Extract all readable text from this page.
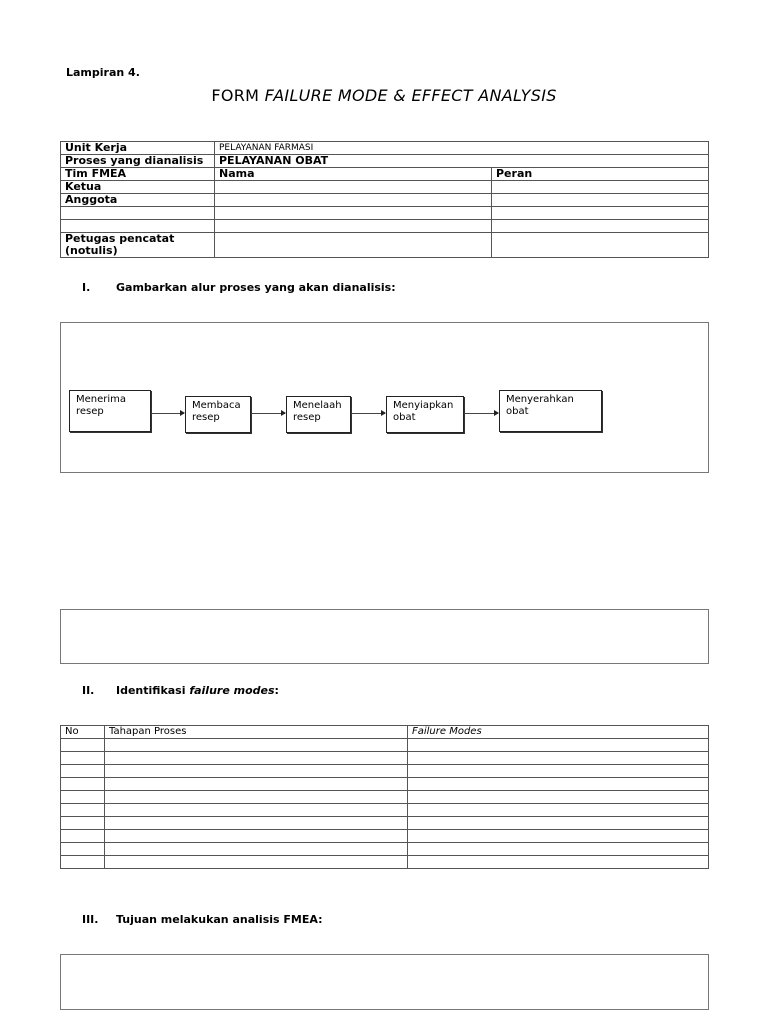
Lampiran 4.
FORM FAILURE MODE & EFFECT ANALYSIS
Unit Kerja	PELAYANAN FARMASI	
Proses yang dianalisis	PELAYANAN OBAT	
Tim FMEA	Nama	Peran
Ketua		
Anggota		

Petugas pencatat
(notulis)		

I. Gambarkan alur proses yang akan dianalisis:
Menerima
resep
Membaca
resep
Menelaah
resep
Menyiapkan
obat
Menyerahkan
obat
II. Identifikasi failure modes:
No	Tahapan Proses	Failure Modes

III. Tujuan melakukan analisis FMEA:
